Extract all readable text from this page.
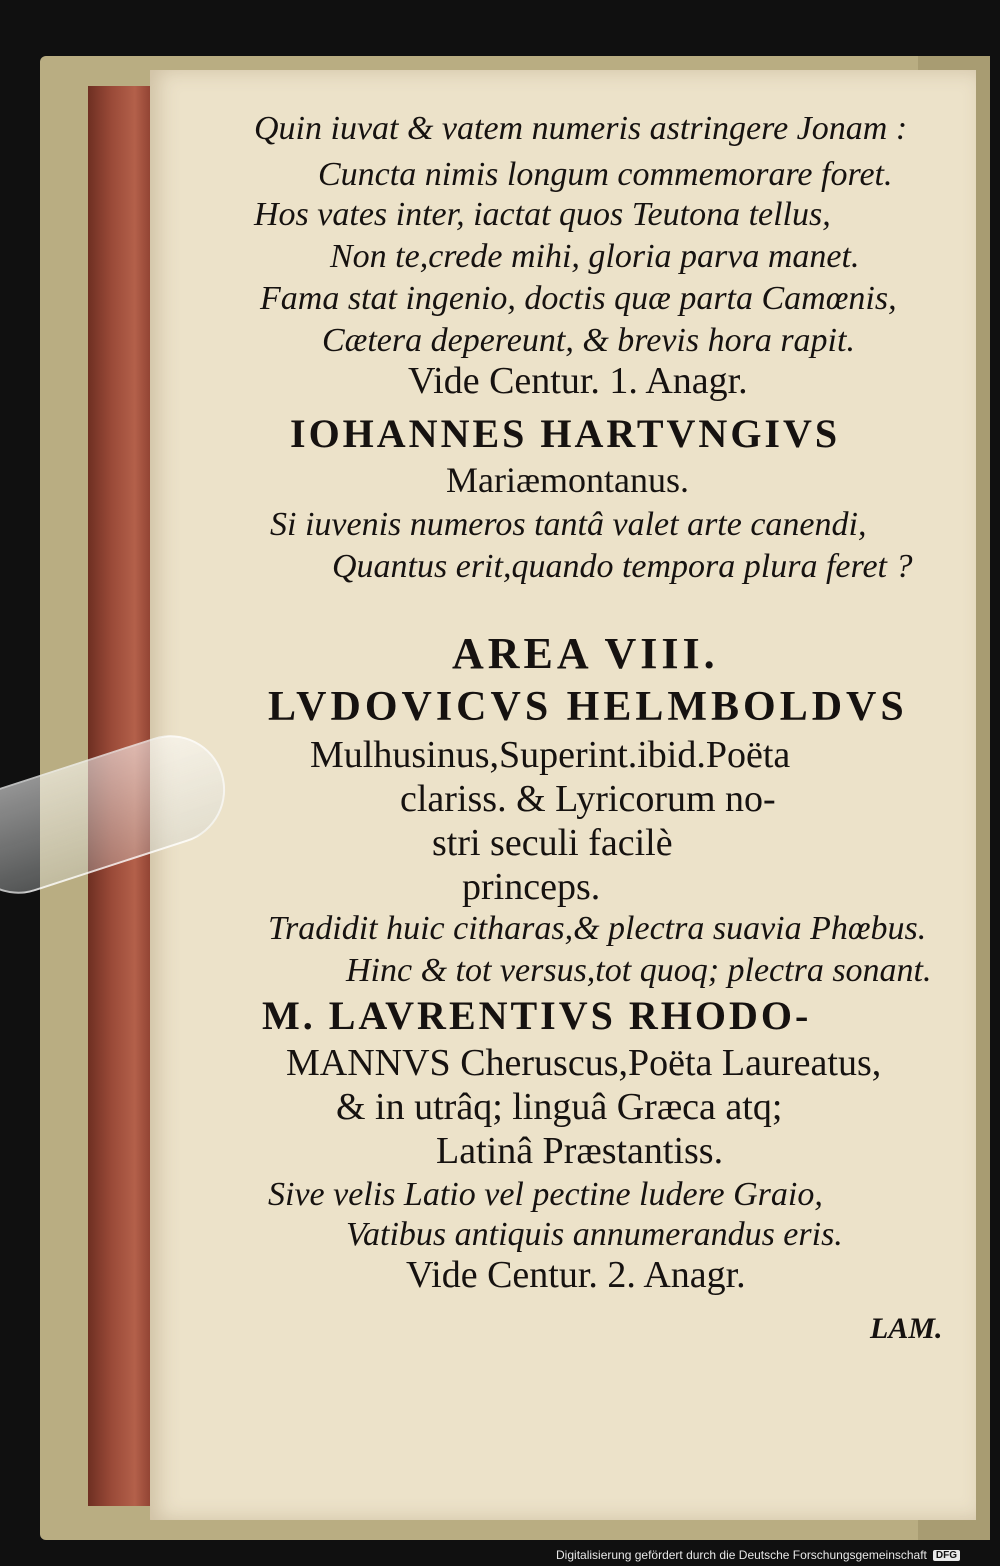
Quin iuvat & vatem numeris astringere Jonam :

Cuncta nimis longum commemorare foret.

Hos vates inter, iactat quos Teutona tellus,

Non te,crede mihi, gloria parva manet.

Fama stat ingenio, doctis quæ parta Camœnis,

Cætera depereunt, & brevis hora rapit.

Vide Centur. 1. Anagr.

IOHANNES HARTVNGIVS

Mariæmontanus.

Si iuvenis numeros tantâ valet arte canendi,

Quantus erit,quando tempora plura feret ?

AREA VIII.

LVDOVICVS HELMBOLDVS

Mulhusinus,Superint.ibid.Poëta

clariss. & Lyricorum no-

stri seculi facilè

princeps.

Tradidit huic citharas,& plectra suavia Phœbus.

Hinc & tot versus,tot quoq; plectra sonant.

M. LAVRENTIVS RHODO-

MANNVS Cheruscus,Poëta Laureatus,

& in utrâq; linguâ Græca atq;

Latinâ Præstantiss.

Sive velis Latio vel pectine ludere Graio,

Vatibus antiquis annumerandus eris.

Vide Centur. 2. Anagr.

LAM.

Digitalisierung gefördert durch die Deutsche Forschungsgemeinschaft DFG
